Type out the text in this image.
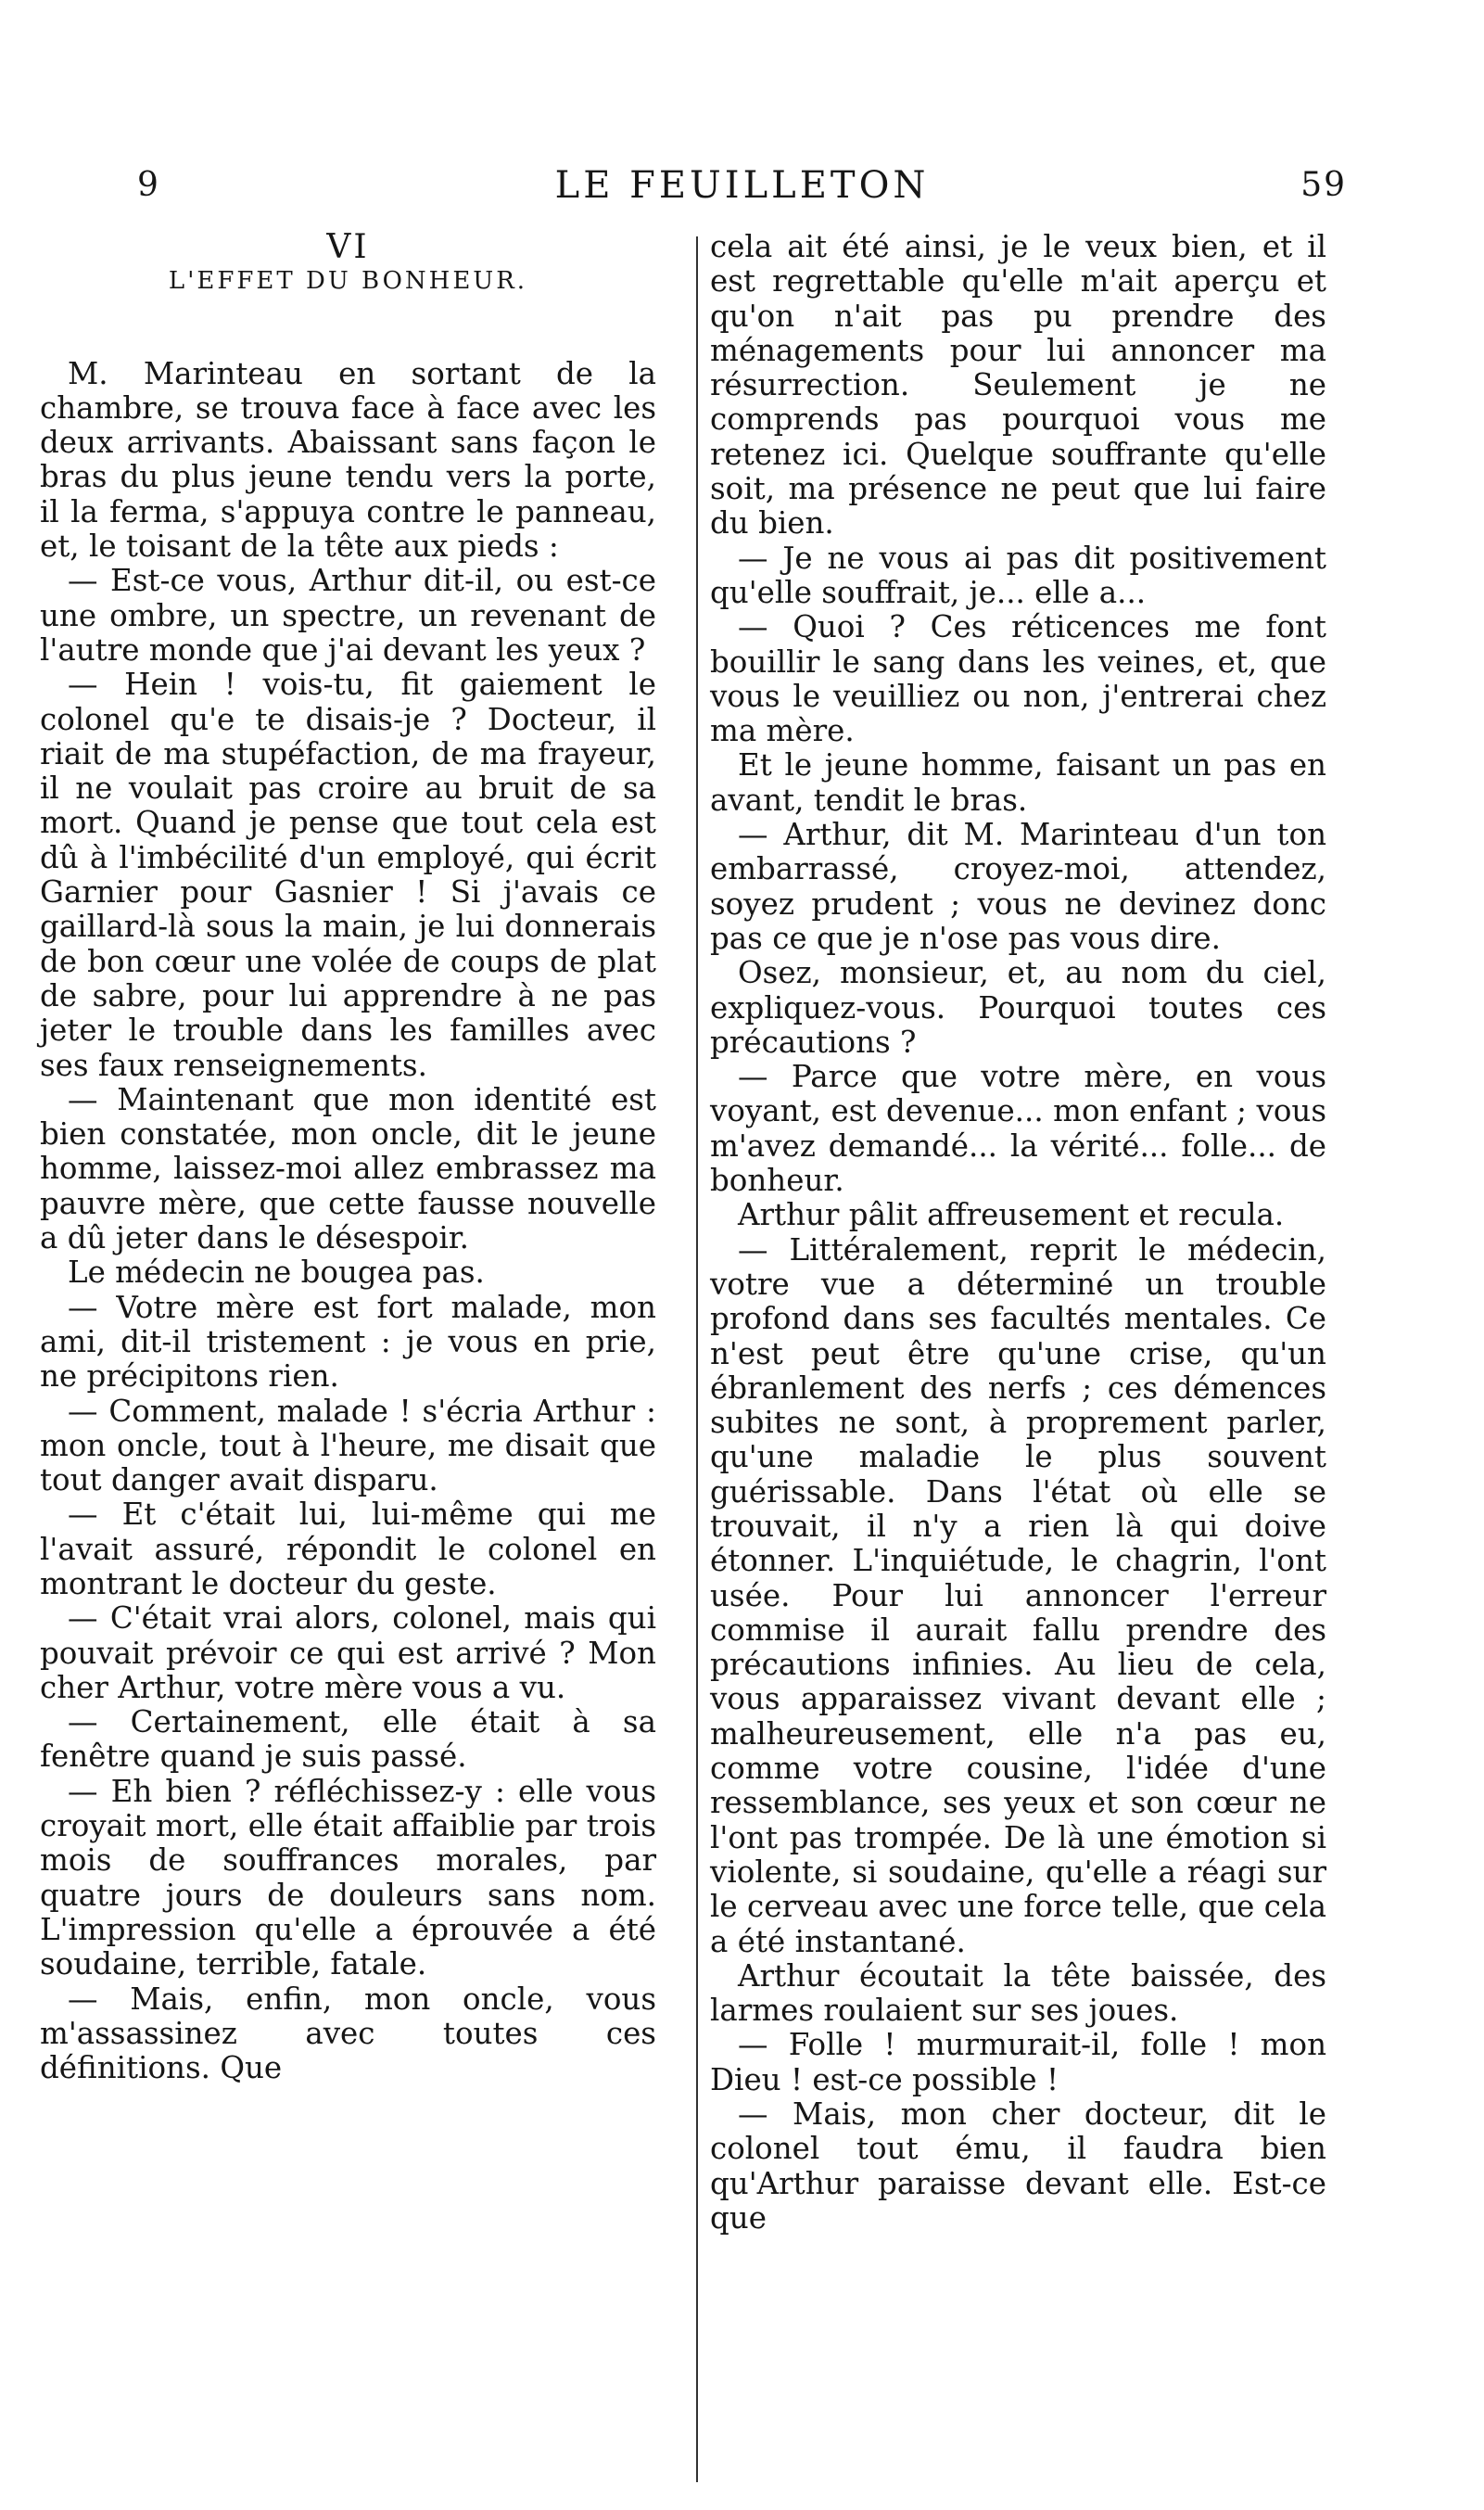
9	LE FEUILLETON	59

VI

L'EFFET DU BONHEUR.

M. Marinteau en sortant de la chambre, se trouva face à face avec les deux arrivants. Abaissant sans façon le bras du plus jeune tendu vers la porte, il la ferma, s'appuya contre le panneau, et, le toisant de la tête aux pieds :

— Est-ce vous, Arthur dit-il, ou est-ce une ombre, un spectre, un revenant de l'autre monde que j'ai devant les yeux ?

— Hein ! vois-tu, fit gaiement le colonel qu'e te disais-je ? Docteur, il riait de ma stupéfaction, de ma frayeur, il ne voulait pas croire au bruit de sa mort. Quand je pense que tout cela est dû à l'imbécilité d'un employé, qui écrit Garnier pour Gasnier ! Si j'avais ce gaillard-là sous la main, je lui donnerais de bon cœur une volée de coups de plat de sabre, pour lui apprendre à ne pas jeter le trouble dans les familles avec ses faux renseignements.

— Maintenant que mon identité est bien constatée, mon oncle, dit le jeune homme, laissez-moi allez embrassez ma pauvre mère, que cette fausse nouvelle a dû jeter dans le désespoir.

Le médecin ne bougea pas.

— Votre mère est fort malade, mon ami, dit-il tristement : je vous en prie, ne précipitons rien.

— Comment, malade ! s'écria Arthur : mon oncle, tout à l'heure, me disait que tout danger avait disparu.

— Et c'était lui, lui-même qui me l'avait assuré, répondit le colonel en montrant le docteur du geste.

— C'était vrai alors, colonel, mais qui pouvait prévoir ce qui est arrivé ? Mon cher Arthur, votre mère vous a vu.

— Certainement, elle était à sa fenêtre quand je suis passé.

— Eh bien ? réfléchissez-y : elle vous croyait mort, elle était affaiblie par trois mois de souffrances morales, par quatre jours de douleurs sans nom. L'impression qu'elle a éprouvée a été soudaine, terrible, fatale.

— Mais, enfin, mon oncle, vous m'assassinez avec toutes ces définitions. Que

cela ait été ainsi, je le veux bien, et il est regrettable qu'elle m'ait aperçu et qu'on n'ait pas pu prendre des ménagements pour lui annoncer ma résurrection. Seulement je ne comprends pas pourquoi vous me retenez ici. Quelque souffrante qu'elle soit, ma présence ne peut que lui faire du bien.

— Je ne vous ai pas dit positivement qu'elle souffrait, je... elle a...

— Quoi ? Ces réticences me font bouillir le sang dans les veines, et, que vous le veuilliez ou non, j'entrerai chez ma mère.

Et le jeune homme, faisant un pas en avant, tendit le bras.

— Arthur, dit M. Marinteau d'un ton embarrassé, croyez-moi, attendez, soyez prudent ; vous ne devinez donc pas ce que je n'ose pas vous dire.

Osez, monsieur, et, au nom du ciel, expliquez-vous. Pourquoi toutes ces précautions ?

— Parce que votre mère, en vous voyant, est devenue... mon enfant ; vous m'avez demandé... la vérité... folle... de bonheur.

Arthur pâlit affreusement et recula.

— Littéralement, reprit le médecin, votre vue a déterminé un trouble profond dans ses facultés mentales. Ce n'est peut être qu'une crise, qu'un ébranlement des nerfs ; ces démences subites ne sont, à proprement parler, qu'une maladie le plus souvent guérissable. Dans l'état où elle se trouvait, il n'y a rien là qui doive étonner. L'inquiétude, le chagrin, l'ont usée. Pour lui annoncer l'erreur commise il aurait fallu prendre des précautions infinies. Au lieu de cela, vous apparaissez vivant devant elle ; malheureusement, elle n'a pas eu, comme votre cousine, l'idée d'une ressemblance, ses yeux et son cœur ne l'ont pas trompée. De là une émotion si violente, si soudaine, qu'elle a réagi sur le cerveau avec une force telle, que cela a été instantané.

Arthur écoutait la tête baissée, des larmes roulaient sur ses joues.

— Folle ! murmurait-il, folle ! mon Dieu ! est-ce possible !

— Mais, mon cher docteur, dit le colonel tout ému, il faudra bien qu'Arthur paraisse devant elle. Est-ce que
